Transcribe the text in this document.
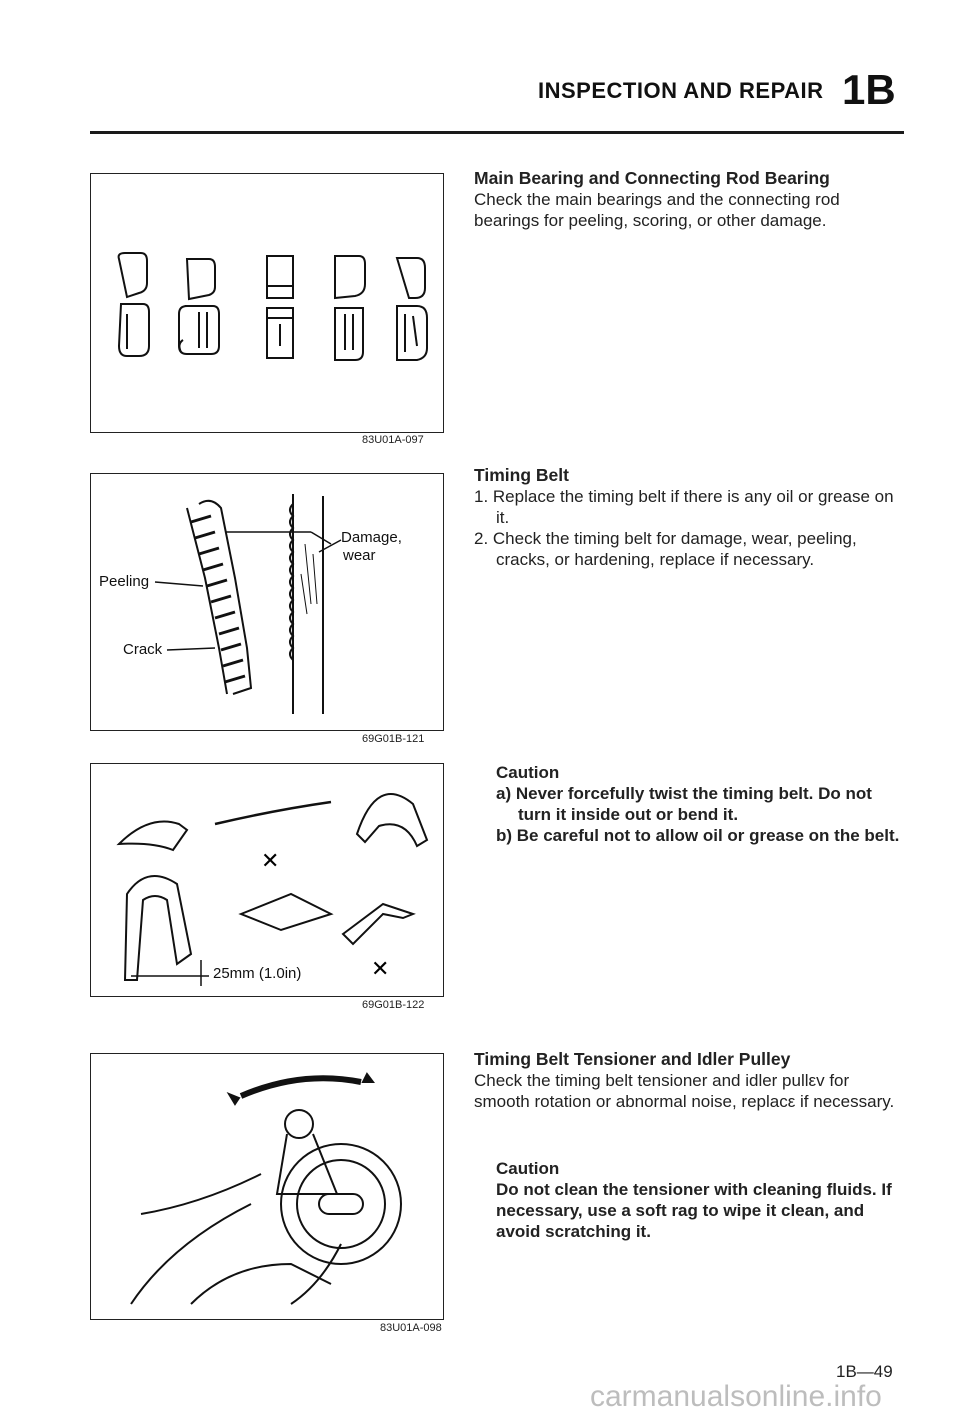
INSPECTION AND REPAIR 1B
83U01A-097
Damage,
wear
Peeling
Crack
69G01B-121
✕
✕
25mm (1.0in)
69G01B-122
83U01A-098
Main Bearing and Connecting Rod Bearing
Check the main bearings and the connecting rod bearings for peeling, scoring, or other damage.
Timing Belt
1. Replace the timing belt if there is any oil or grease on it.
2. Check the timing belt for damage, wear, peeling, cracks, or hardening, replace if necessary.
Caution
a) Never forcefully twist the timing belt. Do not turn it inside out or bend it.
b) Be careful not to allow oil or grease on the belt.
Timing Belt Tensioner and Idler Pulley
Check the timing belt tensioner and idler pullεv for smooth rotation or abnormal noise, replacε if necessary.
Caution
Do not clean the tensioner with cleaning fluids. If necessary, use a soft rag to wipe it clean, and avoid scratching it.
1B—49
carmanualsonline.info
